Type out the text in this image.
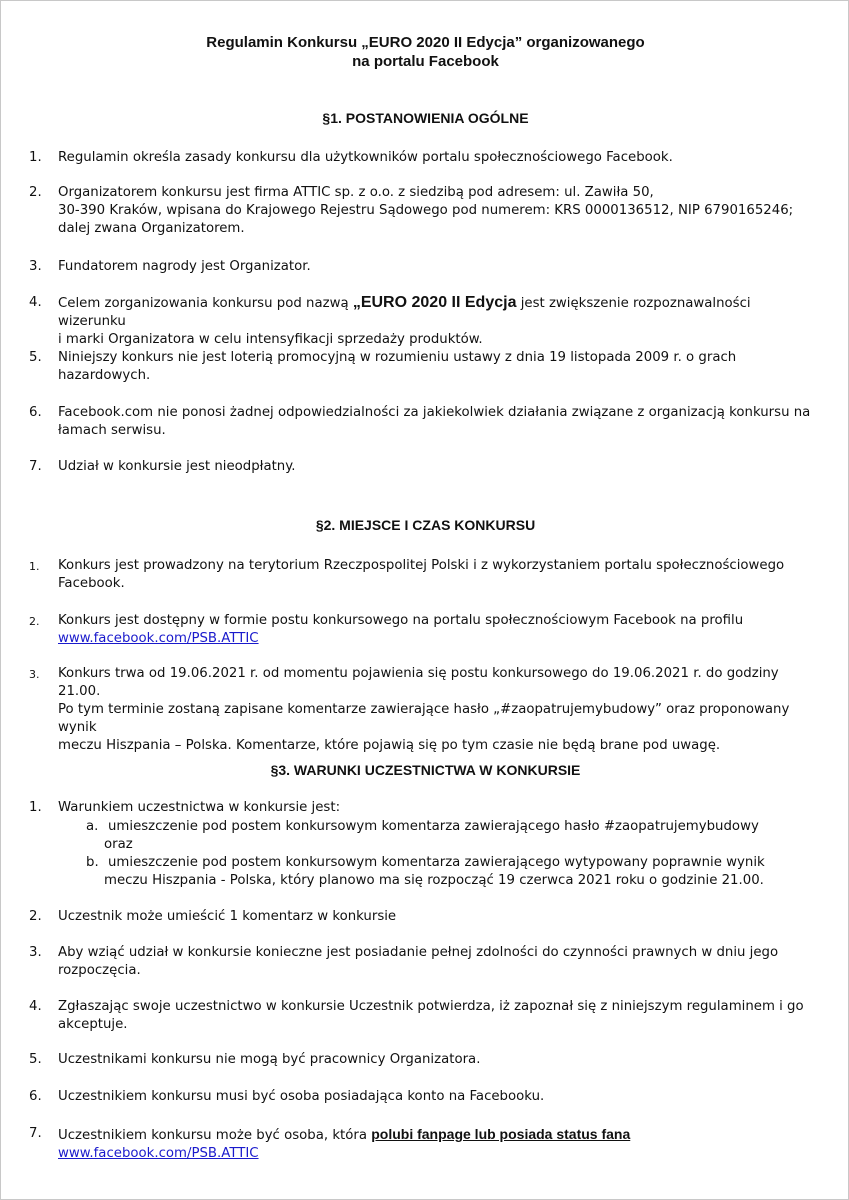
Regulamin Konkursu „EURO 2020 II Edycja” organizowanego
na portalu Facebook
§1. POSTANOWIENIA OGÓLNE
1. Regulamin określa zasady konkursu dla użytkowników portalu społecznościowego Facebook.
2. Organizatorem konkursu jest firma ATTIC sp. z o.o. z siedzibą pod adresem: ul. Zawiła 50,
30-390 Kraków, wpisana do Krajowego Rejestru Sądowego pod numerem: KRS 0000136512, NIP 6790165246;
dalej zwana Organizatorem.
3. Fundatorem nagrody jest Organizator.
4. Celem zorganizowania konkursu pod nazwą „EURO 2020 II Edycja jest zwiększenie rozpoznawalności wizerunku
i marki Organizatora w celu intensyfikacji sprzedaży produktów.
5. Niniejszy konkurs nie jest loterią promocyjną w rozumieniu ustawy z dnia 19 listopada 2009 r. o grach
hazardowych.
6. Facebook.com nie ponosi żadnej odpowiedzialności za jakiekolwiek działania związane z organizacją konkursu na
łamach serwisu.
7. Udział w konkursie jest nieodpłatny.
§2. MIEJSCE I CZAS KONKURSU
1. Konkurs jest prowadzony na terytorium Rzeczpospolitej Polski i z wykorzystaniem portalu społecznościowego
Facebook.
2. Konkurs jest dostępny w formie postu konkursowego na portalu społecznościowym Facebook na profilu
www.facebook.com/PSB.ATTIC
3. Konkurs trwa od 19.06.2021 r. od momentu pojawienia się postu konkursowego do 19.06.2021 r. do godziny 21.00.
Po tym terminie zostaną zapisane komentarze zawierające hasło „#zaopatrujemybudowy” oraz proponowany wynik
meczu Hiszpania – Polska. Komentarze, które pojawią się po tym czasie nie będą brane pod uwagę.
§3. WARUNKI UCZESTNICTWA W KONKURSIE
1. Warunkiem uczestnictwa w konkursie jest:
a. umieszczenie pod postem konkursowym komentarza zawierającego hasło #zaopatrujemybudowy
oraz
b. umieszczenie pod postem konkursowym komentarza zawierającego wytypowany poprawnie wynik
meczu Hiszpania - Polska, który planowo ma się rozpocząć 19 czerwca 2021 roku o godzinie 21.00.
2. Uczestnik może umieścić 1 komentarz w konkursie
3. Aby wziąć udział w konkursie konieczne jest posiadanie pełnej zdolności do czynności prawnych w dniu jego
rozpoczęcia.
4. Zgłaszając swoje uczestnictwo w konkursie Uczestnik potwierdza, iż zapoznał się z niniejszym regulaminem i go
akceptuje.
5. Uczestnikami konkursu nie mogą być pracownicy Organizatora.
6. Uczestnikiem konkursu musi być osoba posiadająca konto na Facebooku.
7. Uczestnikiem konkursu może być osoba, która polubi fanpage lub posiada status fana
www.facebook.com/PSB.ATTIC
